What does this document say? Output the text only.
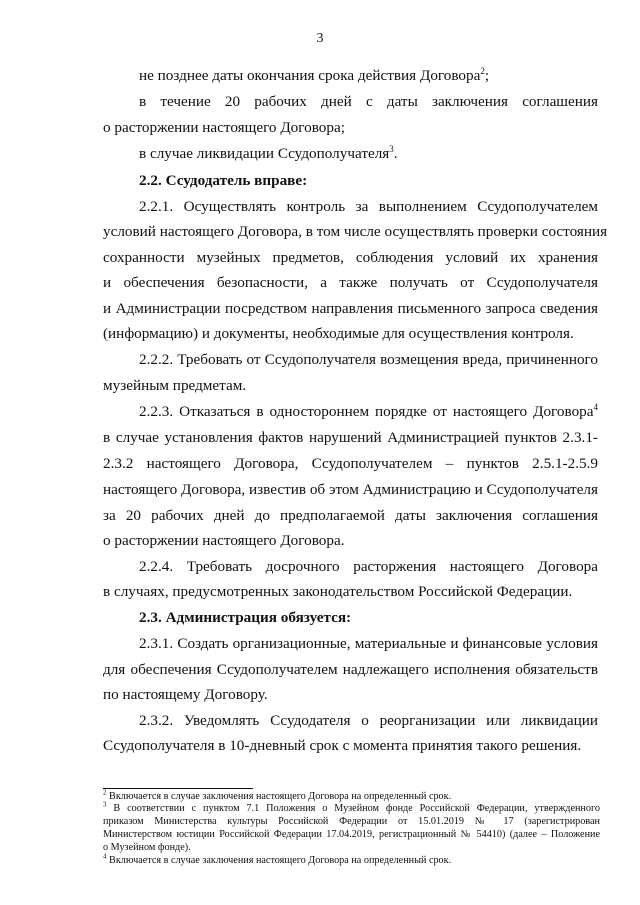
3
не позднее даты окончания срока действия Договора$^2$;
в течение 20 рабочих дней с даты заключения соглашения
о расторжении настоящего Договора;
в случае ликвидации Ссудополучателя$^3$.
2.2. Ссудодатель вправе:
2.2.1. Осуществлять контроль за выполнением Ссудополучателем
условий настоящего Договора, в том числе осуществлять проверки состояния
сохранности музейных предметов, соблюдения условий их хранения
и обеспечения безопасности, а также получать от Ссудополучателя
и Администрации посредством направления письменного запроса сведения
(информацию) и документы, необходимые для осуществления контроля.
2.2.2. Требовать от Ссудополучателя возмещения вреда, причиненного
музейным предметам.
2.2.3. Отказаться в одностороннем порядке от настоящего Договора$^4$
в случае установления фактов нарушений Администрацией пунктов 2.3.1-
2.3.2 настоящего Договора, Ссудополучателем – пунктов 2.5.1-2.5.9
настоящего Договора, известив об этом Администрацию и Ссудополучателя
за 20 рабочих дней до предполагаемой даты заключения соглашения
о расторжении настоящего Договора.
2.2.4. Требовать досрочного расторжения настоящего Договора
в случаях, предусмотренных законодательством Российской Федерации.
2.3. Администрация обязуется:
2.3.1. Создать организационные, материальные и финансовые условия
для обеспечения Ссудополучателем надлежащего исполнения обязательств
по настоящему Договору.
2.3.2. Уведомлять Ссудодателя о реорганизации или ликвидации
Ссудополучателя в 10-дневный срок с момента принятия такого решения.
$^2$ Включается в случае заключения настоящего Договора на определенный срок.
$^3$ В соответствии с пунктом 7.1 Положения о Музейном фонде Российской Федерации, утвержденного
приказом Министерства культуры Российской Федерации от 15.01.2019 № 17 (зарегистрирован
Министерством юстиции Российской Федерации 17.04.2019, регистрационный № 54410) (далее – Положение
о Музейном фонде).
$^4$ Включается в случае заключения настоящего Договора на определенный срок.
